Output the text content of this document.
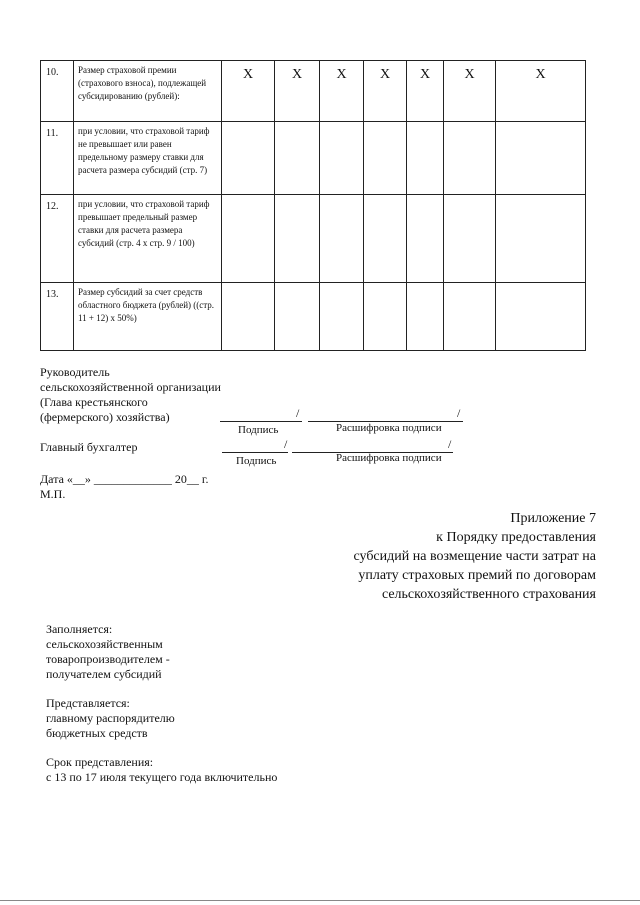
10.	Размер страховой премии (страхового взноса), подлежащей субсидированию (рублей):	X	X	X	X	X	X	X
11.	при условии, что страховой тариф не превышает или равен предельному размеру ставки для расчета размера субсидий (стр. 7)							
12.	при условии, что страховой тариф превышает предельный размер ставки для расчета размера субсидий (стр. 4 x стр. 9 / 100)							
13.	Размер субсидий за счет средств областного бюджета (рублей) ((стр. 11 + 12) x 50%)							
Руководитель
сельскохозяйственной организации
(Глава крестьянского
(фермерского) хозяйства)	/	/
Подпись	Расшифровка подписи
Главный бухгалтер	/	/
Подпись	Расшифровка подписи
Дата «__» _____________ 20__ г.
М.П.
Приложение 7
к Порядку предоставления
субсидий на возмещение части затрат на
уплату страховых премий по договорам
сельскохозяйственного страхования
Заполняется:
сельскохозяйственным
товаропроизводителем -
получателем субсидий
Представляется:
главному распорядителю
бюджетных средств
Срок представления:
с 13 по 17 июля текущего года включительно
